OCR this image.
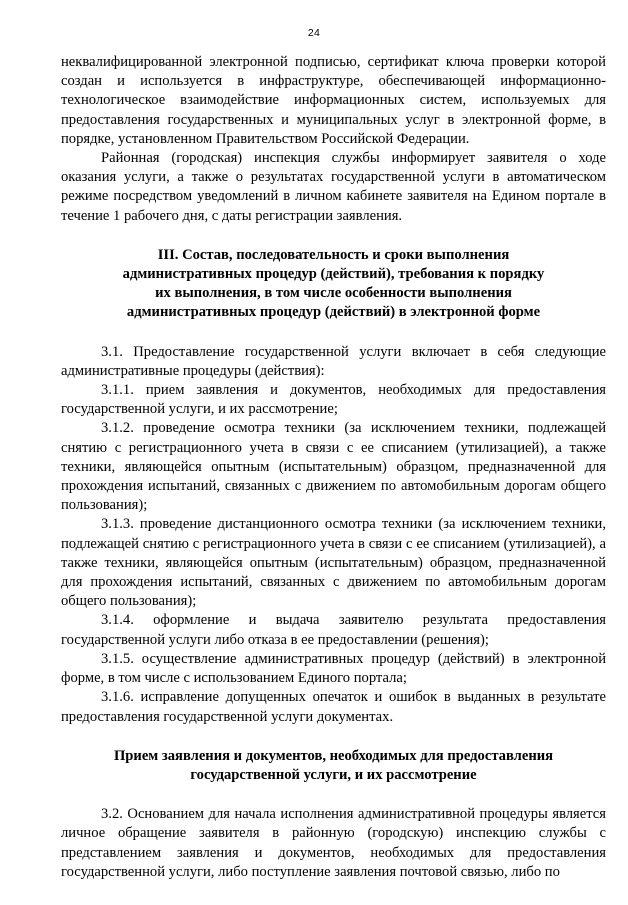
24

неквалифицированной электронной подписью, сертификат ключа проверки которой создан и используется в инфраструктуре, обеспечивающей информационно-технологическое взаимодействие информационных систем, используемых для предоставления государственных и муниципальных услуг в электронной форме, в порядке, установленном Правительством Российской Федерации.

Районная (городская) инспекция службы информирует заявителя о ходе оказания услуги, а также о результатах государственной услуги в автоматическом режиме посредством уведомлений в личном кабинете заявителя на Едином портале в течение 1 рабочего дня, с даты регистрации заявления.

III. Состав, последовательность и сроки выполнения
административных процедур (действий), требования к порядку
их выполнения, в том числе особенности выполнения
административных процедур (действий) в электронной форме

3.1. Предоставление государственной услуги включает в себя следующие административные процедуры (действия):

3.1.1. прием заявления и документов, необходимых для предоставления государственной услуги, и их рассмотрение;

3.1.2. проведение осмотра техники (за исключением техники, подлежащей снятию с регистрационного учета в связи с ее списанием (утилизацией), а также техники, являющейся опытным (испытательным) образцом, предназначенной для прохождения испытаний, связанных с движением по автомобильным дорогам общего пользования);

3.1.3. проведение дистанционного осмотра техники (за исключением техники, подлежащей снятию с регистрационного учета в связи с ее списанием (утилизацией), а также техники, являющейся опытным (испытательным) образцом, предназначенной для прохождения испытаний, связанных с движением по автомобильным дорогам общего пользования);

3.1.4. оформление и выдача заявителю результата предоставления государственной услуги либо отказа в ее предоставлении (решения);

3.1.5. осуществление административных процедур (действий) в электронной форме, в том числе с использованием Единого портала;

3.1.6. исправление допущенных опечаток и ошибок в выданных в результате предоставления государственной услуги документах.

Прием заявления и документов, необходимых для предоставления
государственной услуги, и их рассмотрение

3.2. Основанием для начала исполнения административной процедуры является личное обращение заявителя в районную (городскую) инспекцию службы с представлением заявления и документов, необходимых для предоставления государственной услуги, либо поступление заявления почтовой связью, либо по
